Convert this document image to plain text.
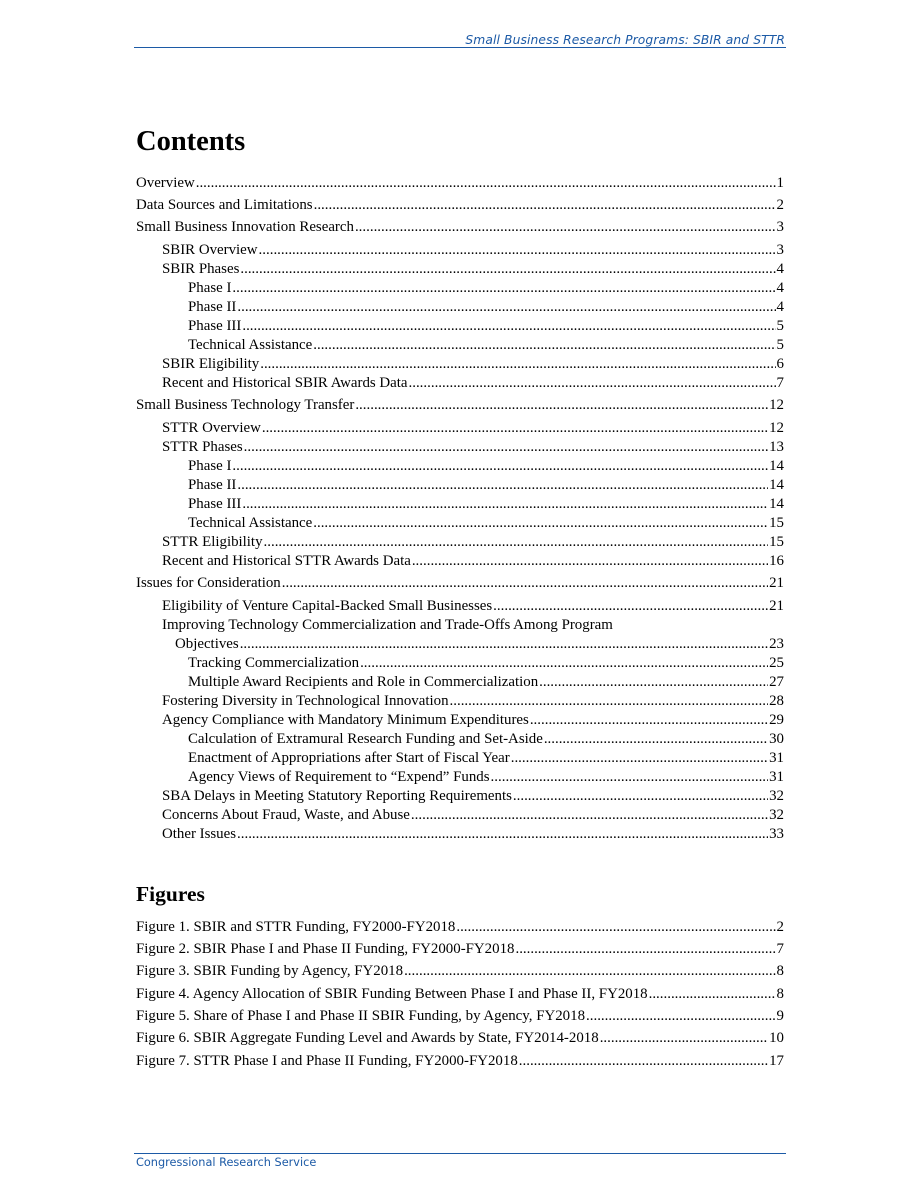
Small Business Research Programs: SBIR and STTR
Contents
Overview .....	1
Data Sources and Limitations .....	2
Small Business Innovation Research .....	3
SBIR Overview .....	3
SBIR Phases .....	4
Phase I .....	4
Phase II .....	4
Phase III .....	5
Technical Assistance .....	5
SBIR Eligibility .....	6
Recent and Historical SBIR Awards Data .....	7
Small Business Technology Transfer .....	12
STTR Overview .....	12
STTR Phases .....	13
Phase I .....	14
Phase II .....	14
Phase III .....	14
Technical Assistance .....	15
STTR Eligibility .....	15
Recent and Historical STTR Awards Data .....	16
Issues for Consideration .....	21
Eligibility of Venture Capital-Backed Small Businesses .....	21
Improving Technology Commercialization and Trade-Offs Among Program
Objectives .....	23
Tracking Commercialization .....	25
Multiple Award Recipients and Role in Commercialization .....	27
Fostering Diversity in Technological Innovation .....	28
Agency Compliance with Mandatory Minimum Expenditures .....	29
Calculation of Extramural Research Funding and Set-Aside .....	30
Enactment of Appropriations after Start of Fiscal Year .....	31
Agency Views of Requirement to “Expend” Funds .....	31
SBA Delays in Meeting Statutory Reporting Requirements .....	32
Concerns About Fraud, Waste, and Abuse .....	32
Other Issues .....	33
Figures
Figure 1. SBIR and STTR Funding, FY2000-FY2018 .....	2
Figure 2. SBIR Phase I and Phase II Funding, FY2000-FY2018 .....	7
Figure 3. SBIR Funding by Agency, FY2018 .....	8
Figure 4. Agency Allocation of SBIR Funding Between Phase I and Phase II, FY2018 .....	8
Figure 5. Share of Phase I and Phase II SBIR Funding, by Agency, FY2018 .....	9
Figure 6. SBIR Aggregate Funding Level and Awards by State, FY2014-2018 .....	10
Figure 7. STTR Phase I and Phase II Funding, FY2000-FY2018 .....	17
Congressional Research Service
